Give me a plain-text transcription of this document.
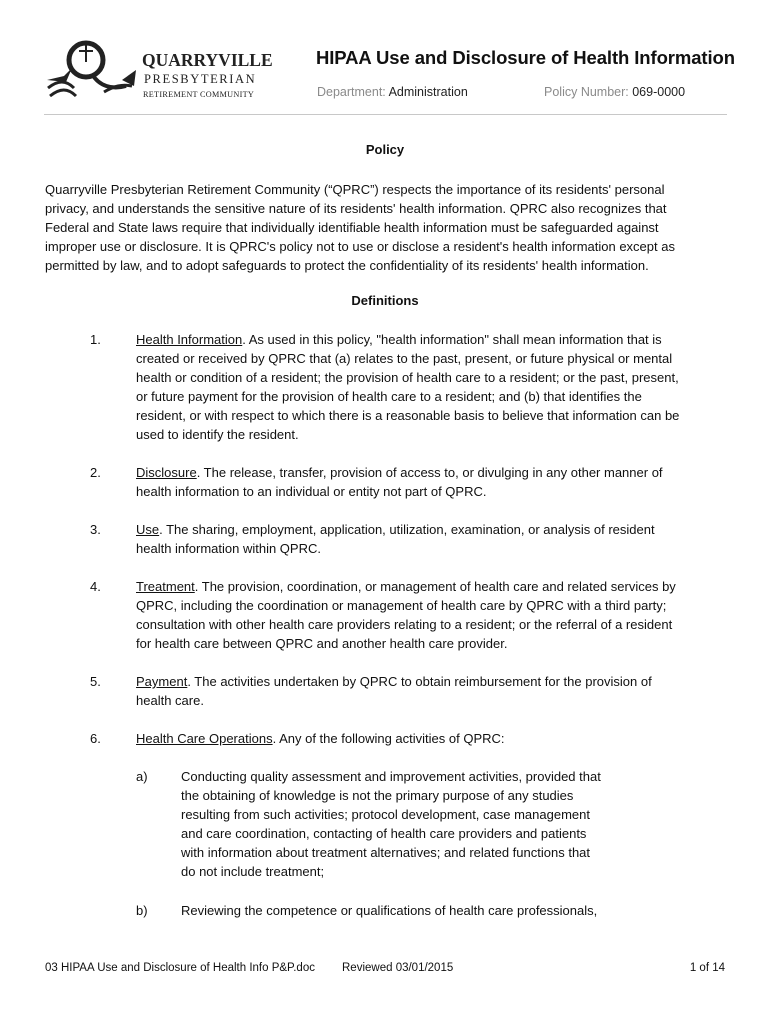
QUARRYVILLE
PRESBYTERIAN
RETIREMENT COMMUNITY
HIPAA Use and Disclosure of Health Information
Department: Administration	Policy Number: 069-0000
Policy
Quarryville Presbyterian Retirement Community (“QPRC”) respects the importance of its residents' personal
privacy, and understands the sensitive nature of its residents' health information. QPRC also recognizes that
Federal and State laws require that individually identifiable health information must be safeguarded against
improper use or disclosure. It is QPRC's policy not to use or disclose a resident's health information except as
permitted by law, and to adopt safeguards to protect the confidentiality of its residents' health information.
Definitions
1.	Health Information. As used in this policy, "health information" shall mean information that is
created or received by QPRC that (a) relates to the past, present, or future physical or mental
health or condition of a resident; the provision of health care to a resident; or the past, present,
or future payment for the provision of health care to a resident; and (b) that identifies the
resident, or with respect to which there is a reasonable basis to believe that information can be
used to identify the resident.
2.	Disclosure. The release, transfer, provision of access to, or divulging in any other manner of
health information to an individual or entity not part of QPRC.
3.	Use. The sharing, employment, application, utilization, examination, or analysis of resident
health information within QPRC.
4.	Treatment. The provision, coordination, or management of health care and related services by
QPRC, including the coordination or management of health care by QPRC with a third party;
consultation with other health care providers relating to a resident; or the referral of a resident
for health care between QPRC and another health care provider.
5.	Payment. The activities undertaken by QPRC to obtain reimbursement for the provision of
health care.
6.	Health Care Operations. Any of the following activities of QPRC:
a)	Conducting quality assessment and improvement activities, provided that
the obtaining of knowledge is not the primary purpose of any studies
resulting from such activities; protocol development, case management
and care coordination, contacting of health care providers and patients
with information about treatment alternatives; and related functions that
do not include treatment;
b)	Reviewing the competence or qualifications of health care professionals,
03 HIPAA Use and Disclosure of Health Info P&P.doc Reviewed 03/01/2015	1 of 14
